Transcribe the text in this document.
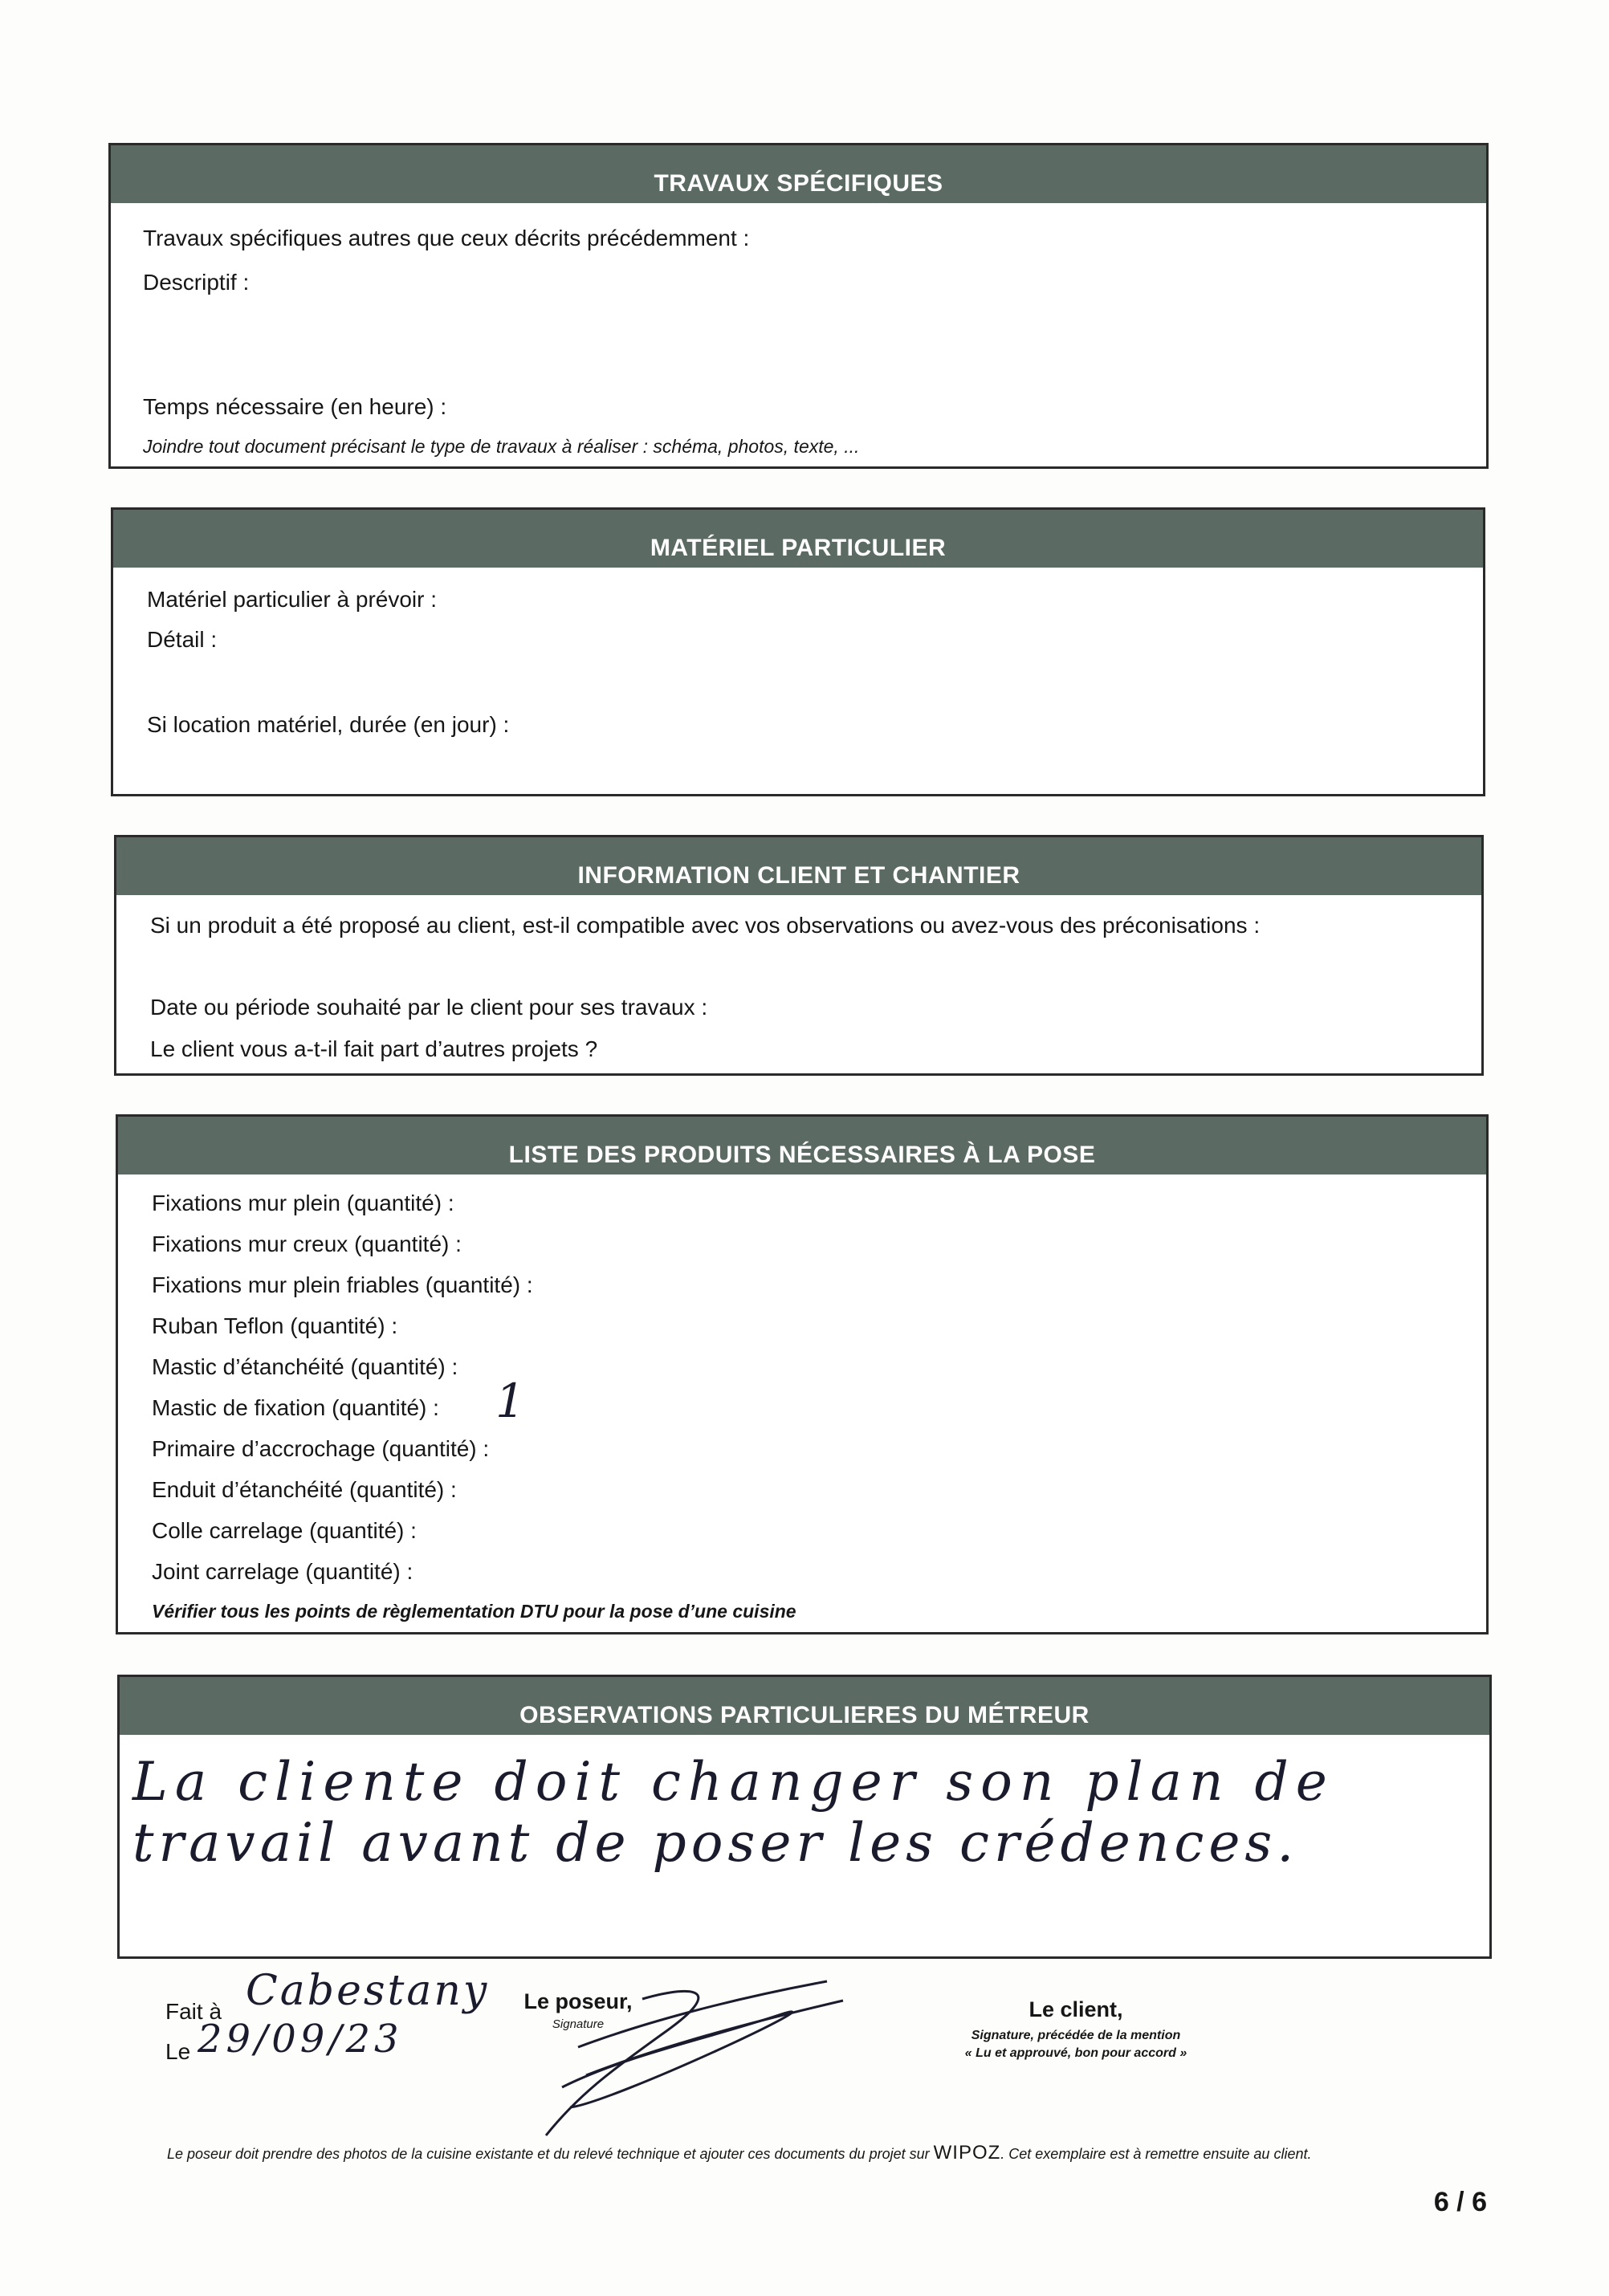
TRAVAUX SPÉCIFIQUES
Travaux spécifiques autres que ceux décrits précédemment :
Descriptif :
Temps nécessaire (en heure) :
Joindre tout document précisant le type de travaux à réaliser : schéma, photos, texte, ...
MATÉRIEL PARTICULIER
Matériel particulier à prévoir :
Détail :
Si location matériel, durée (en jour) :
INFORMATION CLIENT ET CHANTIER
Si un produit a été proposé au client, est-il compatible avec vos observations ou avez-vous des préconisations :
Date ou période souhaité par le client pour ses travaux :
Le client vous a-t-il fait part d’autres projets ?
LISTE DES PRODUITS NÉCESSAIRES À LA POSE
Fixations mur plein (quantité) :
Fixations mur creux (quantité) :
Fixations mur plein friables (quantité) :
Ruban Teflon (quantité) :
Mastic d’étanchéité (quantité) :
Mastic de fixation (quantité) : 1
Primaire d’accrochage (quantité) :
Enduit d’étanchéité (quantité) :
Colle carrelage (quantité) :
Joint carrelage (quantité) :
Vérifier tous les points de règlementation DTU pour la pose d’une cuisine
OBSERVATIONS PARTICULIERES DU MÉTREUR
La cliente doit changer son plan de
travail avant de poser les crédences.
Fait à Cabestany
Le 29/09/23
Le poseur,
Signature
Le client,
Signature, précédée de la mention
« Lu et approuvé, bon pour accord »
Le poseur doit prendre des photos de la cuisine existante et du relevé technique et ajouter ces documents du projet sur WIPOZ. Cet exemplaire est à remettre ensuite au client.
6 / 6
